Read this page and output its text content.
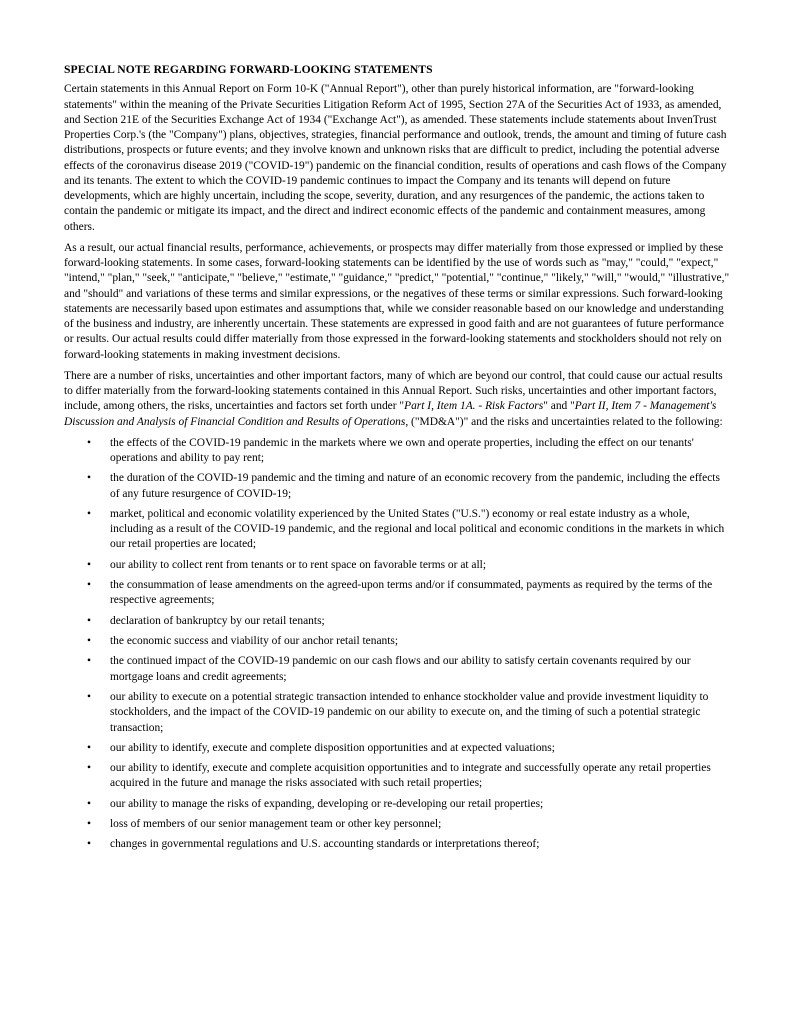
SPECIAL NOTE REGARDING FORWARD-LOOKING STATEMENTS

Certain statements in this Annual Report on Form 10-K ("Annual Report"), other than purely historical information, are "forward-looking statements" within the meaning of the Private Securities Litigation Reform Act of 1995, Section 27A of the Securities Act of 1933, as amended, and Section 21E of the Securities Exchange Act of 1934 ("Exchange Act"), as amended. These statements include statements about InvenTrust Properties Corp.'s (the "Company") plans, objectives, strategies, financial performance and outlook, trends, the amount and timing of future cash distributions, prospects or future events; and they involve known and unknown risks that are difficult to predict, including the potential adverse effects of the coronavirus disease 2019 ("COVID-19") pandemic on the financial condition, results of operations and cash flows of the Company and its tenants. The extent to which the COVID-19 pandemic continues to impact the Company and its tenants will depend on future developments, which are highly uncertain, including the scope, severity, duration, and any resurgences of the pandemic, the actions taken to contain the pandemic or mitigate its impact, and the direct and indirect economic effects of the pandemic and containment measures, among others.

As a result, our actual financial results, performance, achievements, or prospects may differ materially from those expressed or implied by these forward-looking statements. In some cases, forward-looking statements can be identified by the use of words such as "may," "could," "expect," "intend," "plan," "seek," "anticipate," "believe," "estimate," "guidance," "predict," "potential," "continue," "likely," "will," "would," "illustrative," and "should" and variations of these terms and similar expressions, or the negatives of these terms or similar expressions. Such forward-looking statements are necessarily based upon estimates and assumptions that, while we consider reasonable based on our knowledge and understanding of the business and industry, are inherently uncertain. These statements are expressed in good faith and are not guarantees of future performance or results. Our actual results could differ materially from those expressed in the forward-looking statements and stockholders should not rely on forward-looking statements in making investment decisions.

There are a number of risks, uncertainties and other important factors, many of which are beyond our control, that could cause our actual results to differ materially from the forward-looking statements contained in this Annual Report. Such risks, uncertainties and other important factors, include, among others, the risks, uncertainties and factors set forth under "Part I, Item 1A. - Risk Factors" and "Part II, Item 7 - Management's Discussion and Analysis of Financial Condition and Results of Operations, ("MD&A")" and the risks and uncertainties related to the following:

• the effects of the COVID-19 pandemic in the markets where we own and operate properties, including the effect on our tenants' operations and ability to pay rent;
• the duration of the COVID-19 pandemic and the timing and nature of an economic recovery from the pandemic, including the effects of any future resurgence of COVID-19;
• market, political and economic volatility experienced by the United States ("U.S.") economy or real estate industry as a whole, including as a result of the COVID-19 pandemic, and the regional and local political and economic conditions in the markets in which our retail properties are located;
• our ability to collect rent from tenants or to rent space on favorable terms or at all;
• the consummation of lease amendments on the agreed-upon terms and/or if consummated, payments as required by the terms of the respective agreements;
• declaration of bankruptcy by our retail tenants;
• the economic success and viability of our anchor retail tenants;
• the continued impact of the COVID-19 pandemic on our cash flows and our ability to satisfy certain covenants required by our mortgage loans and credit agreements;
• our ability to execute on a potential strategic transaction intended to enhance stockholder value and provide investment liquidity to stockholders, and the impact of the COVID-19 pandemic on our ability to execute on, and the timing of such a potential strategic transaction;
• our ability to identify, execute and complete disposition opportunities and at expected valuations;
• our ability to identify, execute and complete acquisition opportunities and to integrate and successfully operate any retail properties acquired in the future and manage the risks associated with such retail properties;
• our ability to manage the risks of expanding, developing or re-developing our retail properties;
• loss of members of our senior management team or other key personnel;
• changes in governmental regulations and U.S. accounting standards or interpretations thereof;
